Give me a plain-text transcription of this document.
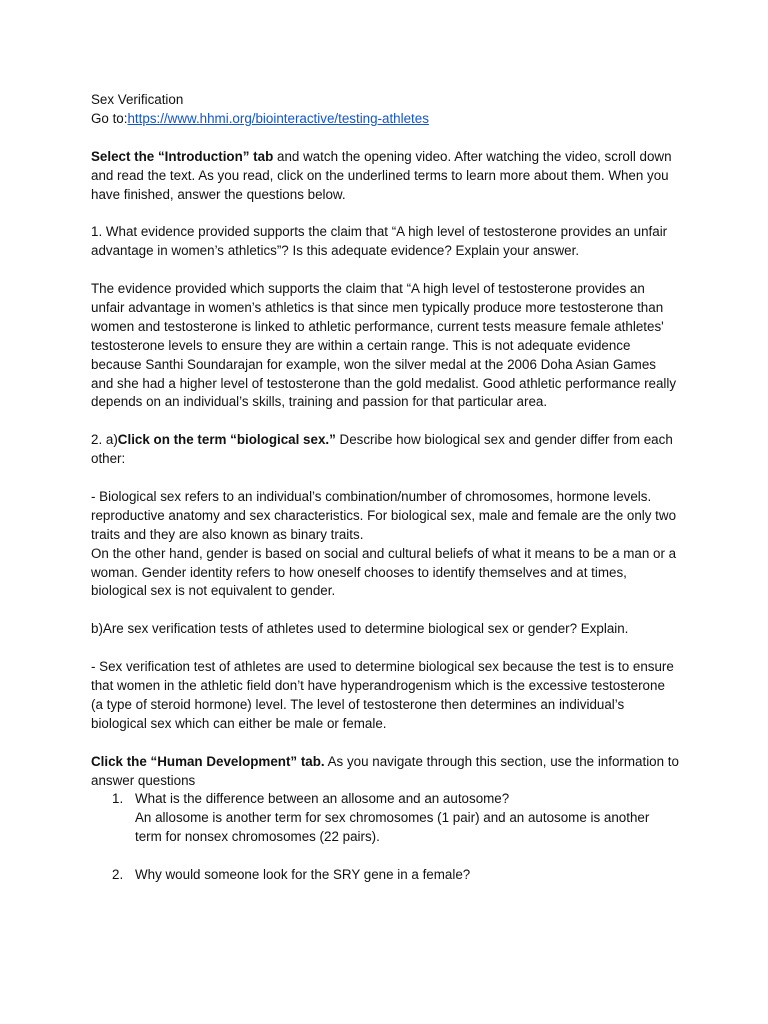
Sex Verification

Go to:https://www.hhmi.org/biointeractive/testing-athletes

Select the “Introduction” tab and watch the opening video. After watching the video, scroll down and read the text. As you read, click on the underlined terms to learn more about them. When you have finished, answer the questions below.

1. What evidence provided supports the claim that “A high level of testosterone provides an unfair advantage in women’s athletics”? Is this adequate evidence? Explain your answer.

The evidence provided which supports the claim that “A high level of testosterone provides an unfair advantage in women’s athletics is that since men typically produce more testosterone than women and testosterone is linked to athletic performance, current tests measure female athletes' testosterone levels to ensure they are within a certain range. This is not adequate evidence because Santhi Soundarajan for example, won the silver medal at the 2006 Doha Asian Games and she had a higher level of testosterone than the gold medalist. Good athletic performance really depends on an individual’s skills, training and passion for that particular area.

2. a)Click on the term “biological sex.” Describe how biological sex and gender differ from each other:

- Biological sex refers to an individual’s combination/number of chromosomes, hormone levels. reproductive anatomy and sex characteristics. For biological sex, male and female are the only two traits and they are also known as binary traits.

On the other hand, gender is based on social and cultural beliefs of what it means to be a man or a woman. Gender identity refers to how oneself chooses to identify themselves and at times, biological sex is not equivalent to gender.

b)Are sex verification tests of athletes used to determine biological sex or gender? Explain.

- Sex verification test of athletes are used to determine biological sex because the test is to ensure that women in the athletic field don’t have hyperandrogenism which is the excessive testosterone (a type of steroid hormone) level. The level of testosterone then determines an individual’s biological sex which can either be male or female.

Click the “Human Development” tab. As you navigate through this section, use the information to answer questions

1. What is the difference between an allosome and an autosome?

An allosome is another term for sex chromosomes (1 pair) and an autosome is another term for nonsex chromosomes (22 pairs).

2. Why would someone look for the SRY gene in a female?
